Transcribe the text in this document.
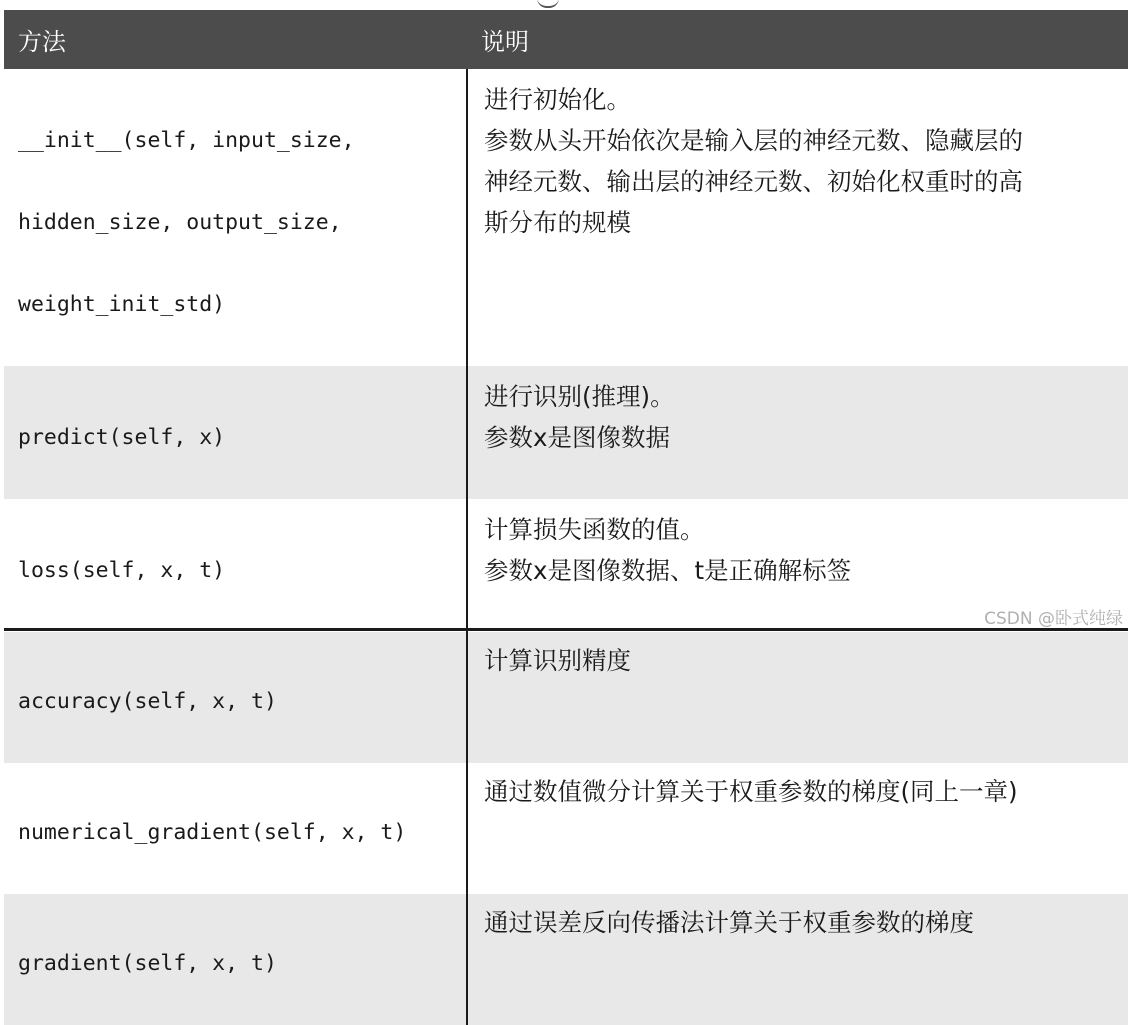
方法	说明

__init__(self, input_size,

hidden_size, output_size,

weight_init_std)	进行初始化。
参数从头开始依次是输入层的神经元数、隐藏层的
神经元数、输出层的神经元数、初始化权重时的高
斯分布的规模

predict(self, x)	进行识别(推理)。
参数x是图像数据

loss(self, x, t)	计算损失函数的值。
参数x是图像数据、t是正确解标签

accuracy(self, x, t)	计算识别精度

numerical_gradient(self, x, t)	通过数值微分计算关于权重参数的梯度(同上一章)

gradient(self, x, t)	通过误差反向传播法计算关于权重参数的梯度
CSDN @卧式纯绿
